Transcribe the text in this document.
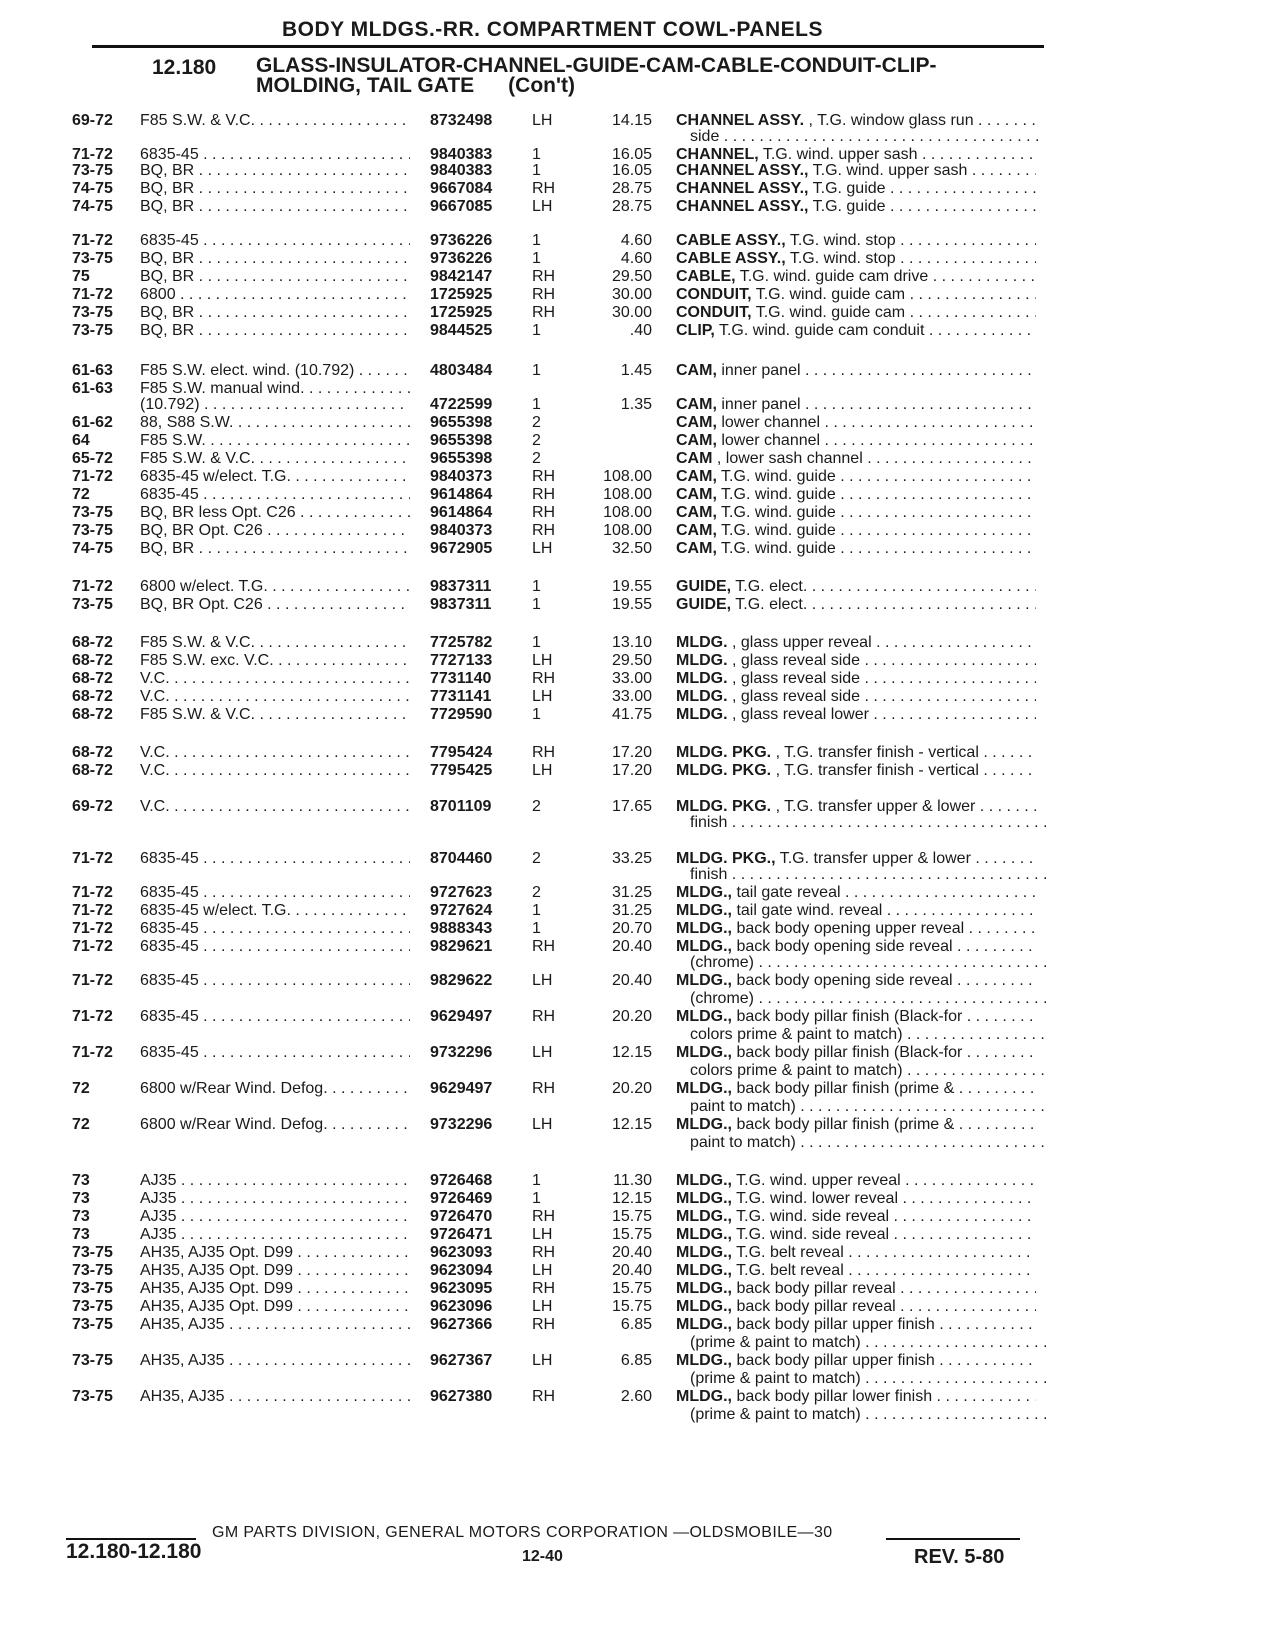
BODY MLDGS.-RR. COMPARTMENT COWL-PANELS
12.180 GLASS-INSULATOR-CHANNEL-GUIDE-CAM-CABLE-CONDUIT-CLIP-
MOLDING, TAIL GATE (Con't)
69-72 F85 S.W. & V.C. . . .	8732498 LH	14.15 CHANNEL ASSY. , T.G. window glass run . . .
side . . .
71-72 6835-45 . . .	9840383 1	16.05 CHANNEL, T.G. wind. upper sash . . .
73-75 BQ, BR . . .	9840383 1	16.05 CHANNEL ASSY., T.G. wind. upper sash . . .
74-75 BQ, BR . . .	9667084 RH	28.75 CHANNEL ASSY., T.G. guide . . .
74-75 BQ, BR . . .	9667085 LH	28.75 CHANNEL ASSY., T.G. guide . . .
71-72 6835-45 . . .	9736226 1	4.60 CABLE ASSY., T.G. wind. stop . . .
73-75 BQ, BR . . .	9736226 1	4.60 CABLE ASSY., T.G. wind. stop . . .
75	BQ, BR . . .	9842147 RH	29.50 CABLE, T.G. wind. guide cam drive . . .
71-72 6800 . . .	1725925 RH	30.00 CONDUIT, T.G. wind. guide cam . . .
73-75 BQ, BR . . .	1725925 RH	30.00 CONDUIT, T.G. wind. guide cam . . .
73-75 BQ, BR . . .	9844525 1	.40 CLIP, T.G. wind. guide cam conduit . . .
61-63 F85 S.W. elect. wind. (10.792) . . .	4803484 1	1.45 CAM, inner panel . . .
61-63 F85 S.W. manual wind. . . .
(10.792) . . .	4722599 1	1.35 CAM, inner panel . . .
61-62 88, S88 S.W. . . .	9655398 2	CAM, lower channel . . .
64	F85 S.W. . . .	9655398 2	CAM, lower channel . . .
65-72 F85 S.W. & V.C. . . .	9655398 2	CAM , lower sash channel . . .
71-72 6835-45 w/elect. T.G. . . .	9840373 RH	108.00 CAM, T.G. wind. guide . . .
72	6835-45 . . .	9614864 RH	108.00 CAM, T.G. wind. guide . . .
73-75 BQ, BR less Opt. C26 . . .	9614864 RH	108.00 CAM, T.G. wind. guide . . .
73-75 BQ, BR Opt. C26 . . .	9840373 RH	108.00 CAM, T.G. wind. guide . . .
74-75 BQ, BR . . .	9672905 LH	32.50 CAM, T.G. wind. guide . . .
71-72 6800 w/elect. T.G. . . .	9837311	1	19.55 GUIDE, T.G. elect. . . .
73-75 BQ, BR Opt. C26 . . .	9837311	1	19.55 GUIDE, T.G. elect. . . .
68-72 F85 S.W. & V.C. . . .	7725782 1	13.10 MLDG. , glass upper reveal . . .
68-72 F85 S.W. exc. V.C. . . .	7727133 LH	29.50 MLDG. , glass reveal side . . .
68-72 V.C. . . .	7731140	RH	33.00 MLDG. , glass reveal side . . .
68-72 V.C. . . .	7731141	LH	33.00 MLDG. , glass reveal side . . .
68-72 F85 S.W. & V.C. . . .	7729590 1	41.75 MLDG. , glass reveal lower . . .
68-72 V.C. . . .	7795424 RH	17.20 MLDG. PKG. , T.G. transfer finish - vertical . . .
68-72 V.C. . . .	7795425 LH	17.20 MLDG. PKG. , T.G. transfer finish - vertical . . .
69-72 V.C. . . .	8701109	2	17.65 MLDG. PKG. , T.G. transfer upper & lower . . .
finish . . .
71-72 6835-45 . . .	8704460 2	33.25 MLDG. PKG., T.G. transfer upper & lower . . .
finish . . .
71-72 6835-45 . . .	9727623 2	31.25 MLDG., tail gate reveal . . .
71-72 6835-45 w/elect. T.G. . . .	9727624 1	31.25 MLDG., tail gate wind. reveal . . .
71-72 6835-45 . . .	9888343 1	20.70 MLDG., back body opening upper reveal . . .
71-72 6835-45 . . .	9829621 RH	20.40 MLDG., back body opening side reveal . . .
(chrome) . . .
71-72 6835-45 . . .	9829622 LH	20.40 MLDG., back body opening side reveal . . .
(chrome) . . .
71-72 6835-45 . . .	9629497 RH	20.20 MLDG., back body pillar finish (Black-for . . .
colors prime & paint to match) . . .
71-72 6835-45 . . .	9732296 LH	12.15 MLDG., back body pillar finish (Black-for . . .
colors prime & paint to match) . . .
72	6800 w/Rear Wind. Defog. . . .	9629497 RH	20.20 MLDG., back body pillar finish (prime & . . .
paint to match) . . .
72	6800 w/Rear Wind. Defog. . . .	9732296 LH	12.15 MLDG., back body pillar finish (prime & . . .
paint to match) . . .
73	AJ35 . . .	9726468 1	11.30 MLDG., T.G. wind. upper reveal . . .
73	AJ35 . . .	9726469 1	12.15 MLDG., T.G. wind. lower reveal . . .
73	AJ35 . . .	9726470 RH	15.75 MLDG., T.G. wind. side reveal . . .
73	AJ35 . . .	9726471 LH	15.75 MLDG., T.G. wind. side reveal . . .
73-75 AH35, AJ35 Opt. D99 . . .	9623093 RH	20.40 MLDG., T.G. belt reveal . . .
73-75 AH35, AJ35 Opt. D99 . . .	9623094 LH	20.40 MLDG., T.G. belt reveal . . .
73-75 AH35, AJ35 Opt. D99 . . .	9623095 RH	15.75 MLDG., back body pillar reveal . . .
73-75 AH35, AJ35 Opt. D99 . . .	9623096 LH	15.75 MLDG., back body pillar reveal . . .
73-75 AH35, AJ35 . . .	9627366 RH	6.85 MLDG., back body pillar upper finish . . .
(prime & paint to match) . . .
73-75 AH35, AJ35 . . .	9627367 LH	6.85 MLDG., back body pillar upper finish . . .
(prime & paint to match) . . .
73-75 AH35, AJ35 . . .	9627380 RH	2.60 MLDG., back body pillar lower finish . . .
(prime & paint to match) . . .
GM PARTS DIVISION, GENERAL MOTORS CORPORATION —OLDSMOBILE—30
12.180-12.180	12-40	REV. 5-80
